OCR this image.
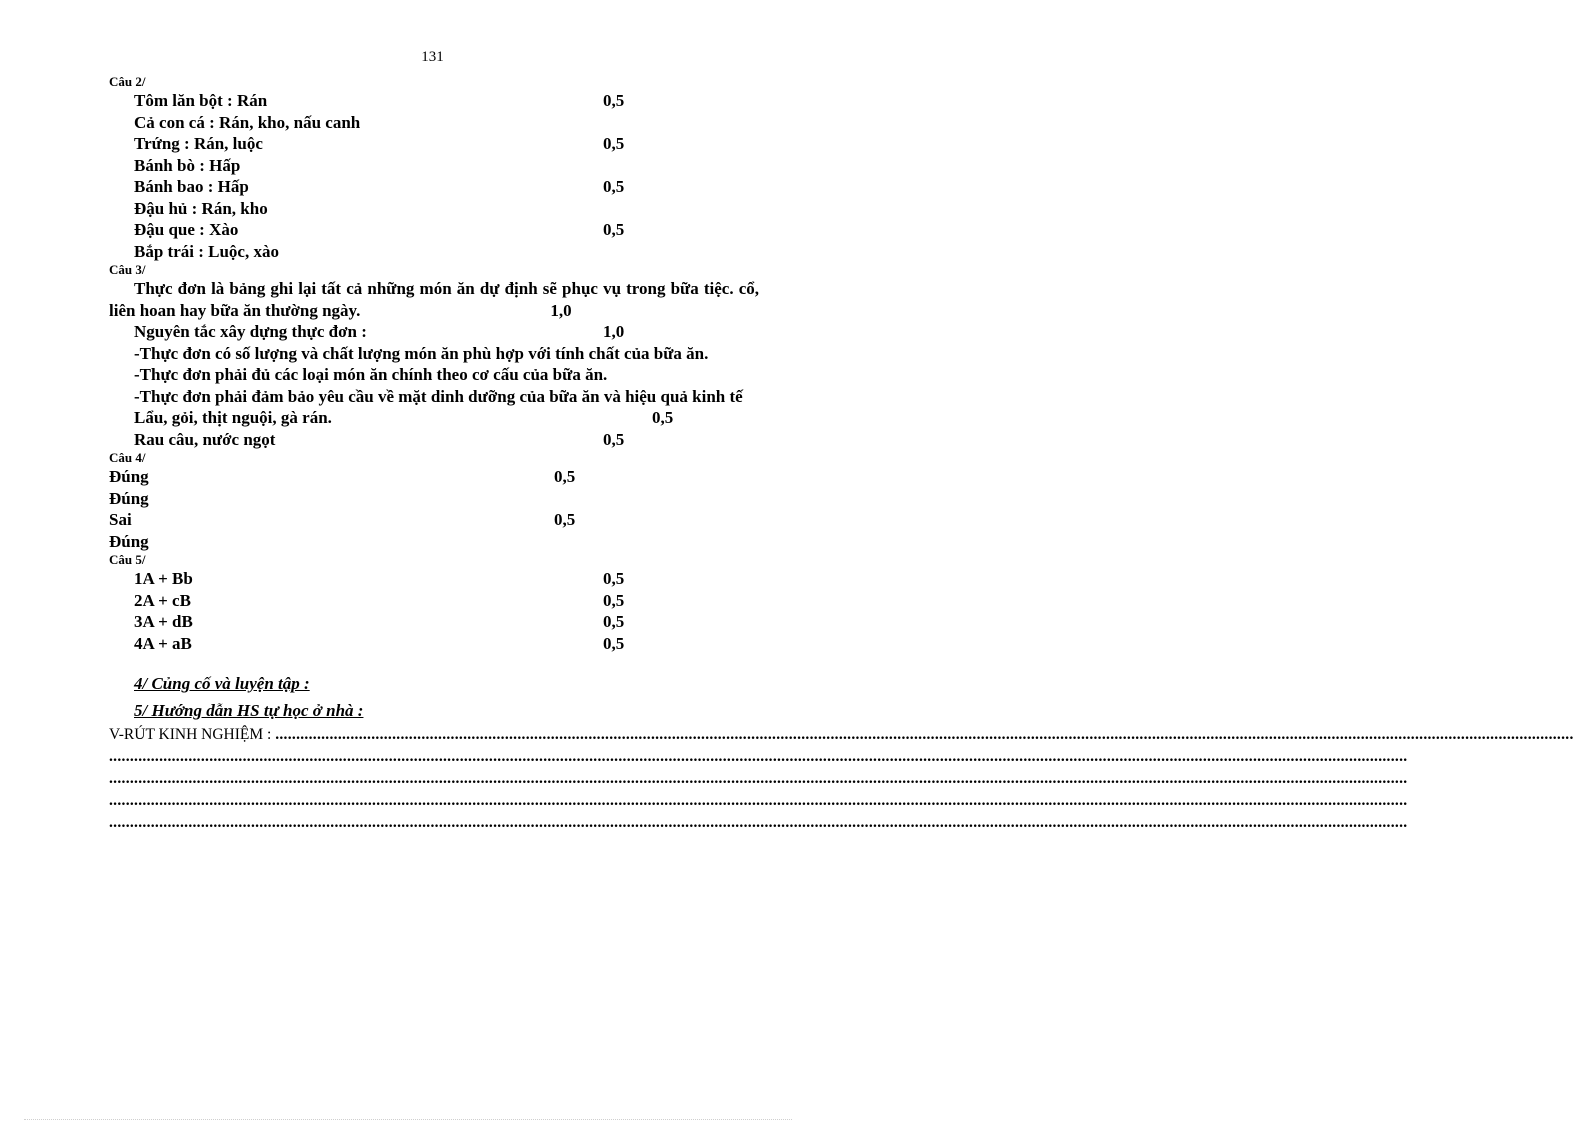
131

Câu 2/

Tôm lăn bột : Rán	0,5
Cả con cá : Rán, kho, nấu canh
Trứng : Rán, luộc	0,5
Bánh bò : Hấp
Bánh bao : Hấp	0,5
Đậu hủ : Rán, kho
Đậu que : Xào	0,5
Bắp trái : Luộc, xào

Câu 3/

Thực đơn là bảng ghi lại tất cả những món ăn dự định sẽ phục vụ trong bữa tiệc. cổ, liên hoan hay bữa ăn thường ngày.	1,0

Nguyên tắc xây dựng thực đơn :	1,0

-Thực đơn có số lượng và chất lượng món ăn phù hợp với tính chất của bữa ăn.

-Thực đơn phải đủ các loại món ăn chính theo cơ cấu của bữa ăn.

-Thực đơn phải đảm bảo yêu cầu về mặt dinh dưỡng của bữa ăn và hiệu quả kinh tế

Lẩu, gỏi, thịt nguội, gà rán.	0,5
Rau câu, nước ngọt	0,5

Câu 4/

Đúng	0,5
Đúng
Sai	0,5
Đúng

Câu 5/

1A + Bb	0,5
2A + cB	0,5
3A + dB	0,5
4A + aB	0,5

4/ Củng cố và luyện tập :

5/ Hướng dẫn HS tự học ở nhà :

V-RÚT KINH NGHIỆM : .......................................................................................................................................................................................................................................................................................................................

.......................................................................................................................................................................................................................................................................................................................

.......................................................................................................................................................................................................................................................................................................................

.......................................................................................................................................................................................................................................................................................................................

.......................................................................................................................................................................................................................................................................................................................
